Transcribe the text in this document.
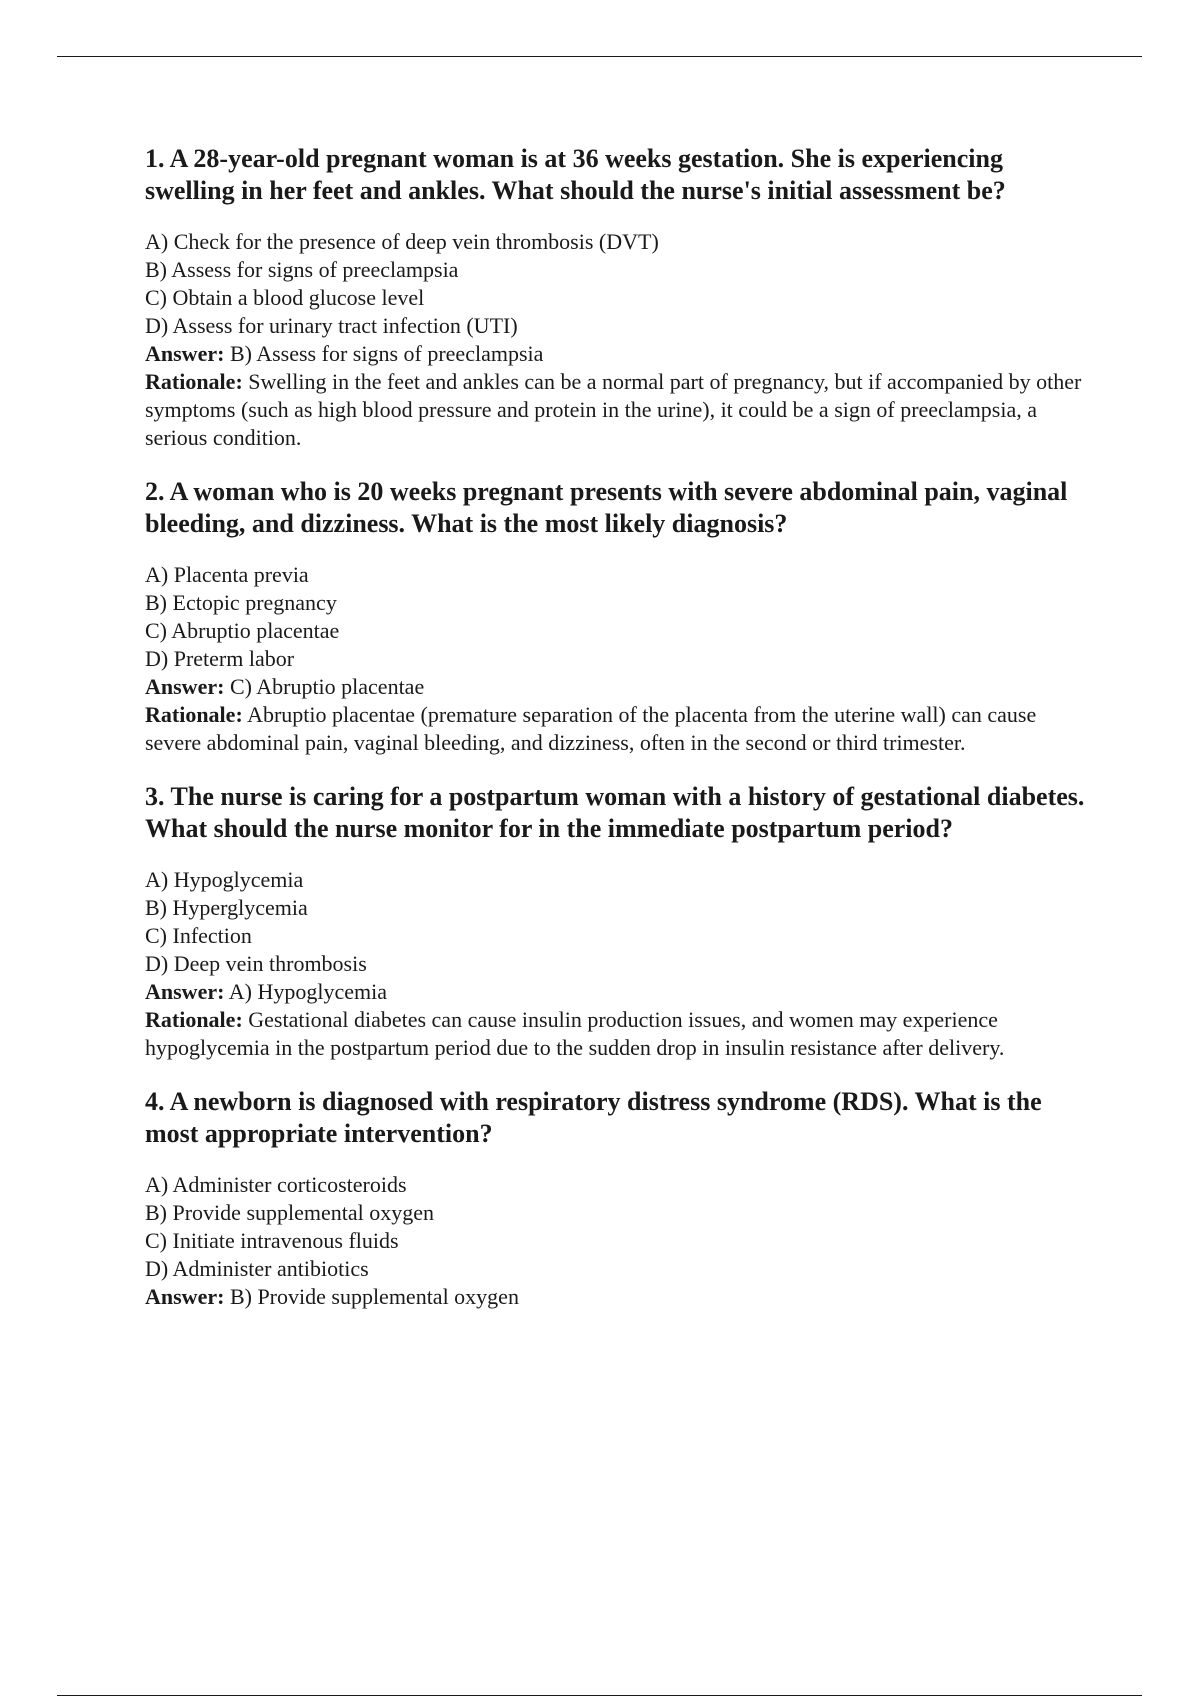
1. A 28-year-old pregnant woman is at 36 weeks gestation. She is experiencing swelling in her feet and ankles. What should the nurse's initial assessment be?

A) Check for the presence of deep vein thrombosis (DVT)

B) Assess for signs of preeclampsia

C) Obtain a blood glucose level

D) Assess for urinary tract infection (UTI)

Answer: B) Assess for signs of preeclampsia

Rationale: Swelling in the feet and ankles can be a normal part of pregnancy, but if accompanied by other symptoms (such as high blood pressure and protein in the urine), it could be a sign of preeclampsia, a serious condition.

2. A woman who is 20 weeks pregnant presents with severe abdominal pain, vaginal bleeding, and dizziness. What is the most likely diagnosis?

A) Placenta previa

B) Ectopic pregnancy

C) Abruptio placentae

D) Preterm labor

Answer: C) Abruptio placentae

Rationale: Abruptio placentae (premature separation of the placenta from the uterine wall) can cause severe abdominal pain, vaginal bleeding, and dizziness, often in the second or third trimester.

3. The nurse is caring for a postpartum woman with a history of gestational diabetes. What should the nurse monitor for in the immediate postpartum period?

A) Hypoglycemia

B) Hyperglycemia

C) Infection

D) Deep vein thrombosis

Answer: A) Hypoglycemia

Rationale: Gestational diabetes can cause insulin production issues, and women may experience hypoglycemia in the postpartum period due to the sudden drop in insulin resistance after delivery.

4. A newborn is diagnosed with respiratory distress syndrome (RDS). What is the most appropriate intervention?

A) Administer corticosteroids

B) Provide supplemental oxygen

C) Initiate intravenous fluids

D) Administer antibiotics

Answer: B) Provide supplemental oxygen
